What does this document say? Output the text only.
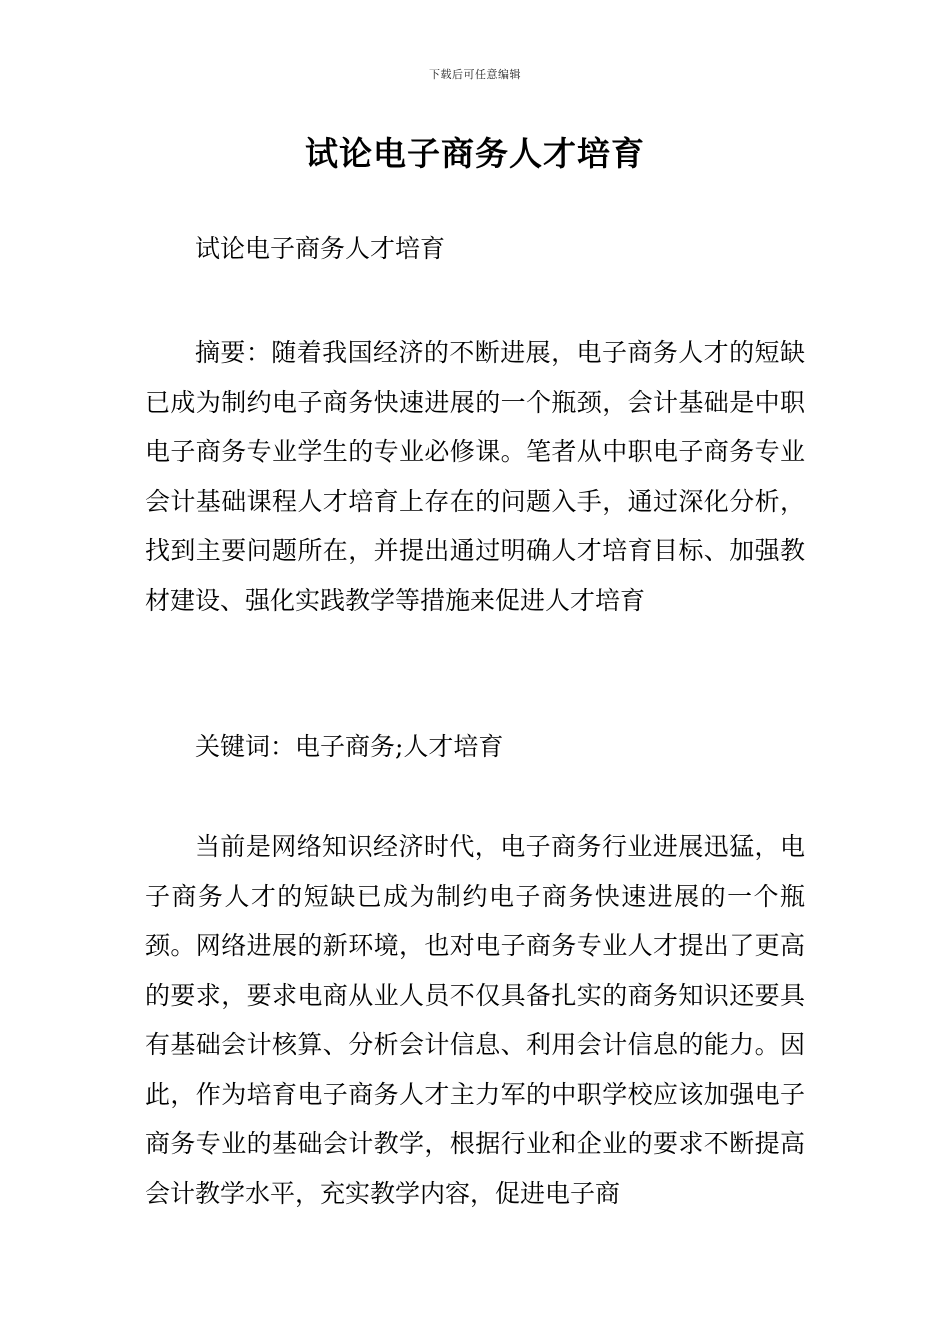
下载后可任意编辑
试论电子商务人才培育

试论电子商务人才培育

摘要：随着我国经济的不断进展，电子商务人才的短缺已成为制约电子商务快速进展的一个瓶颈，会计基础是中职电子商务专业学生的专业必修课。笔者从中职电子商务专业会计基础课程人才培育上存在的问题入手，通过深化分析，找到主要问题所在，并提出通过明确人才培育目标、加强教材建设、强化实践教学等措施来促进人才培育

关键词：电子商务;人才培育

当前是网络知识经济时代，电子商务行业进展迅猛，电子商务人才的短缺已成为制约电子商务快速进展的一个瓶颈。网络进展的新环境，也对电子商务专业人才提出了更高的要求，要求电商从业人员不仅具备扎实的商务知识还要具有基础会计核算、分析会计信息、利用会计信息的能力。因此，作为培育电子商务人才主力军的中职学校应该加强电子商务专业的基础会计教学，根据行业和企业的要求不断提高会计教学水平，充实教学内容，促进电子商
